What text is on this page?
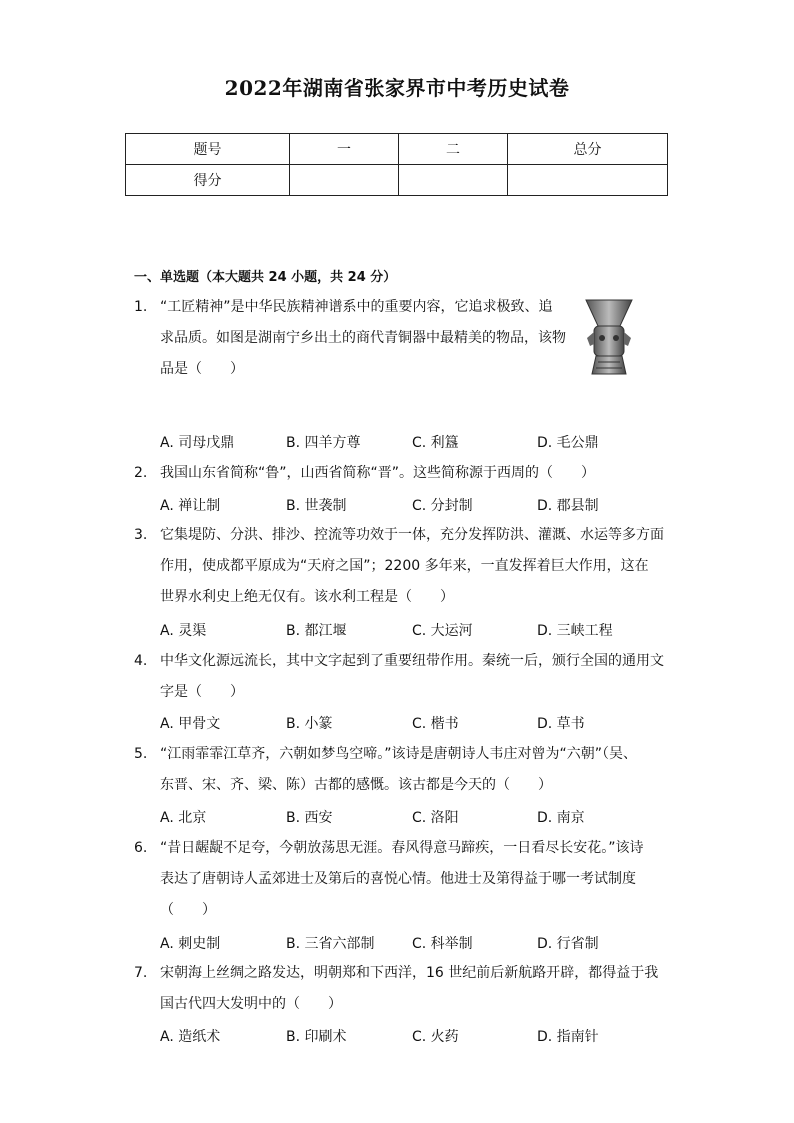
2022年湖南省张家界市中考历史试卷
题号	一	二	总分
得分			
一、单选题（本大题共 24 小题，共 24 分）
1. “工匠精神”是中华民族精神谱系中的重要内容，它追求极致、追
求品质。如图是湖南宁乡出土的商代青铜器中最精美的物品，该物
品是（　　）
A. 司母戊鼎	B. 四羊方尊	C. 利簋	D. 毛公鼎
2. 我国山东省简称“鲁”，山西省简称“晋”。这些简称源于西周的（　　）
A. 禅让制	B. 世袭制	C. 分封制	D. 郡县制
3. 它集堤防、分洪、排沙、控流等功效于一体，充分发挥防洪、灌溉、水运等多方面
作用，使成都平原成为“天府之国”；2200 多年来，一直发挥着巨大作用，这在
世界水利史上绝无仅有。该水利工程是（　　）
A. 灵渠	B. 都江堰	C. 大运河	D. 三峡工程
4. 中华文化源远流长，其中文字起到了重要纽带作用。秦统一后，颁行全国的通用文
字是（　　）
A. 甲骨文	B. 小篆	C. 楷书	D. 草书
5. “江雨霏霏江草齐，六朝如梦鸟空啼。”该诗是唐朝诗人韦庄对曾为“六朝”（吴、
东晋、宋、齐、梁、陈）古都的感慨。该古都是今天的（　　）
A. 北京	B. 西安	C. 洛阳	D. 南京
6. “昔日龌龊不足夸，今朝放荡思无涯。春风得意马蹄疾，一日看尽长安花。”该诗
表达了唐朝诗人孟郊进士及第后的喜悦心情。他进士及第得益于哪一考试制度
（　　）
A. 刺史制	B. 三省六部制	C. 科举制	D. 行省制
7. 宋朝海上丝绸之路发达，明朝郑和下西洋，16 世纪前后新航路开辟，都得益于我
国古代四大发明中的（　　）
A. 造纸术	B. 印刷术	C. 火药	D. 指南针
